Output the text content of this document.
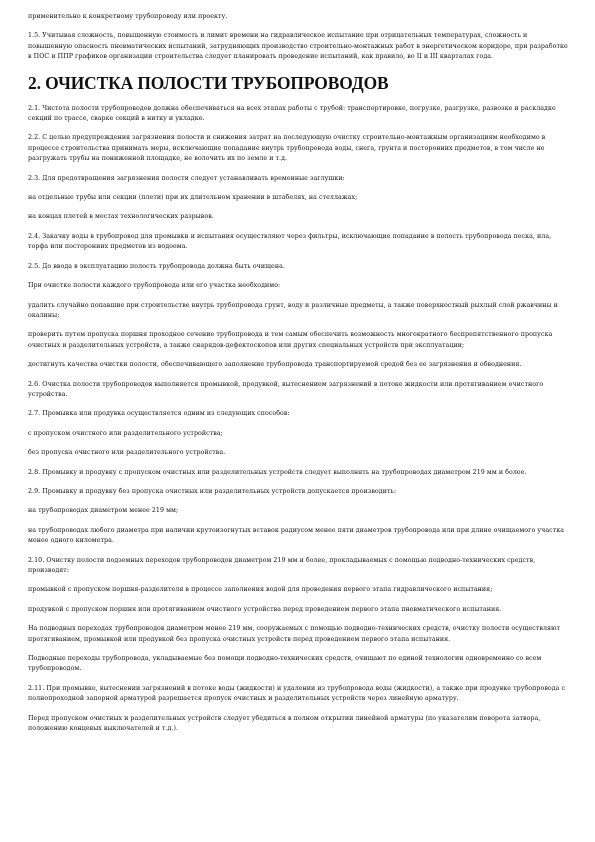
применительно к конкретному трубопроводу или проекту.

1.5. Учитывая сложность, повышенную стоимость и лимит времени на гидравлическое испытание при отрицательных температурах, сложность и повышенную опасность пневматических испытаний, затрудняющих производство строительно-монтажных работ в энергетическом коридоре, при разработке в ПОС и ППР графиков организации строительства следует планировать проведение испытаний, как правило, во II и III кварталах года.

2. ОЧИСТКА ПОЛОСТИ ТРУБОПРОВОДОВ

2.1. Чистота полости трубопроводов должна обеспечиваться на всех этапах работы с трубой: транспортировке, погрузке, разгрузке, развозке и раскладке секций по трассе, сварке секций в нитку и укладке.

2.2. С целью предупреждения загрязнения полости и снижения затрат на последующую очистку строительно-монтажным организациям необходимо в процессе строительства принимать меры, исключающие попадание внутрь трубопровода воды, снега, грунта и посторонних предметов, в том числе не разгружать трубы на пониженной площадке, не волочить их по земле и т.д.

2.3. Для предотвращения загрязнения полости следует устанавливать временные заглушки:

на отдельные трубы или секции (плети) при их длительном хранении в штабелях, на стеллажах;

на концах плетей в местах технологических разрывов.

2.4. Закачку воды в трубопровод для промывки и испытания осуществляют через фильтры, исключающие попадание в полость трубопровода песка, ила, торфа или посторонних предметов из водоема.

2.5. До ввода в эксплуатацию полость трубопровода должна быть очищена.

При очистке полости каждого трубопровода или его участка необходимо:

удалить случайно попавшие при строительстве внутрь трубопровода грунт, воду и различные предметы, а также поверхностный рыхлый слой ржавчины и окалины;

проверить путем пропуска поршня проходное сечение трубопровода и тем самым обеспечить возможность многократного беспрепятственного пропуска очистных и разделительных устройств, а также снарядов-дефектоскопов или других специальных устройств при эксплуатации;

достигнуть качества очистки полости, обеспечивающего заполнение трубопровода транспортируемой средой без ее загрязнения и обводнения.

2.6. Очистка полости трубопроводов выполняется промывкой, продувкой, вытеснением загрязнений в потоке жидкости или протягиванием очистного устройства.

2.7. Промывка или продувка осуществляется одним из следующих способов:

с пропуском очистного или разделительного устройства;

без пропуска очистного или разделительного устройства.

2.8. Промывку и продувку с пропуском очистных или разделительных устройств следует выполнять на трубопроводах диаметром 219 мм и более.

2.9. Промывку и продувку без пропуска очистных или разделительных устройств допускается производить:

на трубопроводах диаметром менее 219 мм;

на трубопроводах любого диаметра при наличии крутоизогнутых вставок радиусом менее пяти диаметров трубопровода или при длине очищаемого участка менее одного километра.

2.10. Очистку полости подземных переходов трубопроводов диаметром 219 мм и более, прокладываемых с помощью подводно-технических средств, производят:

промывкой с пропуском поршня-разделителя в процессе заполнения водой для проведения первого этапа гидравлического испытания;

продувкой с пропуском поршня или протягиванием очистного устройства перед проведением первого этапа пневматического испытания.

На подводных переходах трубопроводов диаметром менее 219 мм, сооружаемых с помощью подводно-технических средств, очистку полости осуществляют протягиванием, промывкой или продувкой без пропуска очистных устройств перед проведением первого этапа испытания.

Подводные переходы трубопровода, укладываемые без помощи подводно-технических средств, очищают по единой технологии одновременно со всем трубопроводом.

2.11. При промывке, вытеснении загрязнений в потоке воды (жидкости) и удалении из трубопровода воды (жидкости), а также при продувке трубопровода с полнопроходной запорной арматурой разрешается пропуск очистных и разделительных устройств через линейную арматуру.

Перед пропуском очистных и разделительных устройств следует убедиться в полном открытии линейной арматуры (по указателям поворота затвора, положению концевых выключателей и т.д.).
